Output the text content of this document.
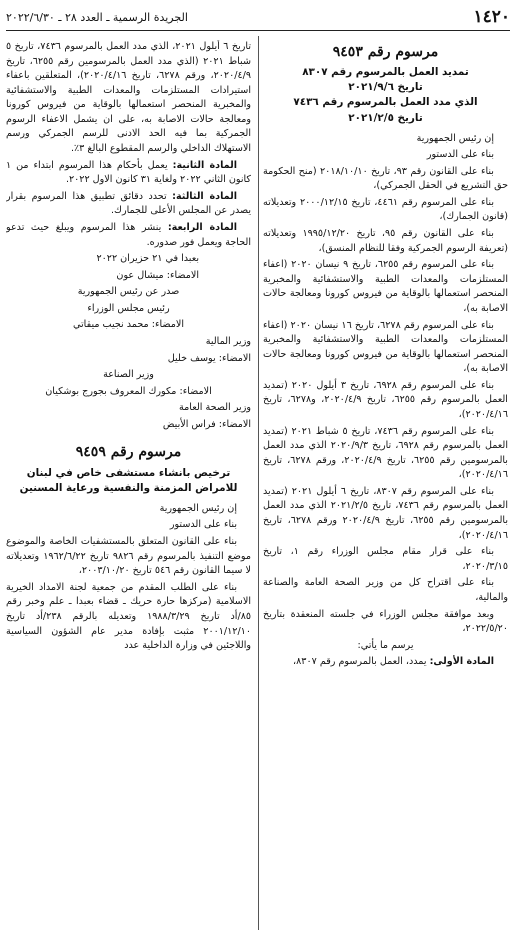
١٤٢٠
الجريدة الرسمية ـ العدد ٢٨ ـ ٢٠٢٢/٦/٣٠
مرسوم رقم ٩٤٥٣
تمديد العمل بالمرسوم رقم ٨٣٠٧
تاريخ ٢٠٢١/٩/٦
الذي مدد العمل بالمرسوم رقم ٧٤٣٦
تاريخ ٢٠٢١/٢/٥

إن رئيس الجمهورية

بناء على الدستور

بناء على القانون رقم ٩٣، تاريخ ٢٠١٨/١٠/١٠ (منح الحكومة حق التشريع في الحقل الجمركي)،

بناء على المرسوم رقم ٤٤٦١، تاريخ ٢٠٠٠/١٢/١٥ وتعديلاته (قانون الجمارك)،

بناء على القانون رقم ٩٥، تاريخ ١٩٩٥/١٢/٢٠ وتعديلاته (تعريفة الرسوم الجمركية وفقا للنظام المنسق)،

بناء على المرسوم رقم ٦٢٥٥، تاريخ ٩ نيسان ٢٠٢٠ (اعفاء المستلزمات والمعدات الطبية والاستشفائية والمخبرية المنحصر استعمالها بالوقاية من فيروس كورونا ومعالجة حالات الاصابة به)،

بناء على المرسوم رقم ٦٢٧٨، تاريخ ١٦ نيسان ٢٠٢٠ (اعفاء المستلزمات والمعدات الطبية والاستشفائية والمخبرية المنحصر استعمالها بالوقاية من فيروس كورونا ومعالجة حالات الاصابة به)،

بناء على المرسوم رقم ٦٩٢٨، تاريخ ٣ أيلول ٢٠٢٠ (تمديد العمل بالمرسوم رقم ٦٢٥٥، تاريخ ٢٠٢٠/٤/٩، و٦٢٧٨، تاريخ ٢٠٢٠/٤/١٦)،

بناء على المرسوم رقم ٧٤٣٦، تاريخ ٥ شباط ٢٠٢١ (تمديد العمل بالمرسوم رقم ٦٩٢٨، تاريخ ٢٠٢٠/٩/٣ الذي مدد العمل بالمرسومين رقم ٦٢٥٥، تاريخ ٢٠٢٠/٤/٩، ورقم ٦٢٧٨، تاريخ ٢٠٢٠/٤/١٦)،

بناء على المرسوم رقم ٨٣٠٧، تاريخ ٦ أيلول ٢٠٢١ (تمديد العمل بالمرسوم رقم ٧٤٣٦، تاريخ ٢٠٢١/٢/٥ الذي مدد العمل بالمرسومين رقم ٦٢٥٥، تاريخ ٢٠٢٠/٤/٩ ورقم ٦٢٧٨، تاريخ ٢٠٢٠/٤/١٦)،

بناء على قرار مقام مجلس الوزراء رقم ١، تاريخ ٢٠٢٠/٣/١٥،

بناء على اقتراح كل من وزير الصحة العامة والصناعة والمالية،

وبعد موافقة مجلس الوزراء في جلسته المنعقدة بتاريخ ٢٠٢٢/٥/٢٠،

يرسم ما يأتي:

المادة الأولى: يمدد، العمل بالمرسوم رقم ٨٣٠٧،

تاريخ ٦ أيلول ٢٠٢١، الذي مدد العمل بالمرسوم ٧٤٣٦، تاريخ ٥ شباط ٢٠٢١ (الذي مدد العمل بالمرسومين رقم ٦٢٥٥، تاريخ ٢٠٢٠/٤/٩، ورقم ٦٢٧٨، تاريخ ٢٠٢٠/٤/١٦)، المتعلقين باعفاء استيرادات المستلزمات والمعدات الطبية والاستشفائية والمخبرية المنحصر استعمالها بالوقاية من فيروس كورونا ومعالجة حالات الاصابة به، على ان يشمل الاعفاء الرسوم الجمركية بما فيه الحد الادنى للرسم الجمركي ورسم الاستهلاك الداخلي والرسم المقطوع البالغ ٣٪.

المادة الثانية: يعمل بأحكام هذا المرسوم ابتداء من ١ كانون الثاني ٢٠٢٢ ولغاية ٣١ كانون الاول ٢٠٢٢.

المادة الثالثة: تحدد دقائق تطبيق هذا المرسوم بقرار يصدر عن المجلس الأعلى للجمارك.

المادة الرابعة: ينشر هذا المرسوم ويبلغ حيث تدعو الحاجة ويعمل فور صدوره.

بعبدا في ٢١ حزيران ٢٠٢٢

الامضاء: ميشال عون

صدر عن رئيس الجمهورية

رئيس مجلس الوزراء

الامضاء: محمد نجيب ميقاتي

وزير المالية

الامضاء: يوسف خليل

وزير الصناعة

الامضاء: مكورك المعروف بجورج بوشكيان

وزير الصحة العامة

الامضاء: فراس الأبيض

مرسوم رقم ٩٤٥٩
ترخيص بانشاء مستشفى خاص في لبنان
للامراض المزمنة والنفسية ورعاية المسنين

إن رئيس الجمهورية

بناء على الدستور

بناء على القانون المتعلق بالمستشفيات الخاصة والموضوع موضع التنفيذ بالمرسوم رقم ٩٨٢٦ تاريخ ١٩٦٢/٦/٢٢ وتعديلاته لا سيما القانون رقم ٥٤٦ تاريخ ٢٠٠٣/١٠/٢٠،

بناء على الطلب المقدم من جمعية لجنة الامداد الخيرية الاسلامية (مركزها حارة حريك ـ قضاء بعبدا ـ علم وخبر رقم ٨٥/أد تاريخ ١٩٨٨/٣/٢٩ وتعديله بالرقم ٢٣٨/أد تاريخ ٢٠٠١/١٢/١٠ مثبت بإفادة مدير عام الشؤون السياسية واللاجئين في وزارة الداخلية عدد
